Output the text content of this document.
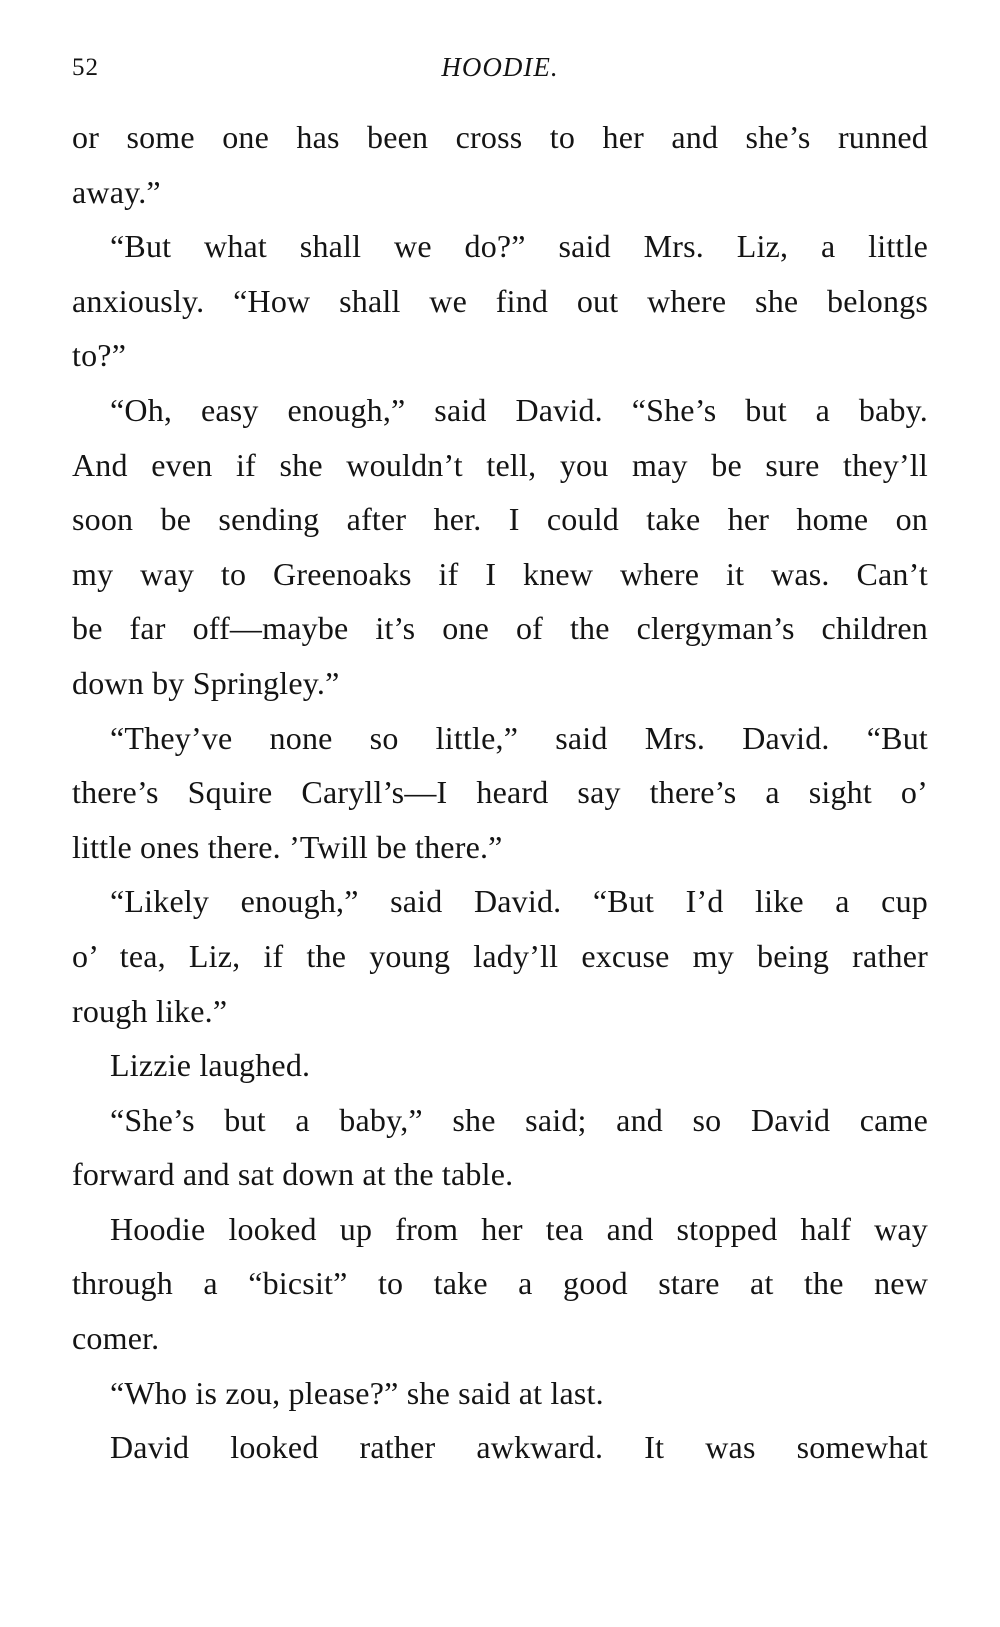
52	HOODIE.
or some one has been cross to her and she’s runned
away.”
“But what shall we do?” said Mrs. Liz, a little
anxiously. “How shall we find out where she belongs
to?”
“Oh, easy enough,” said David. “She’s but a baby.
And even if she wouldn’t tell, you may be sure they’ll
soon be sending after her. I could take her home on
my way to Greenoaks if I knew where it was. Can’t
be far off—maybe it’s one of the clergyman’s children
down by Springley.”
“They’ve none so little,” said Mrs. David. “But
there’s Squire Caryll’s—I heard say there’s a sight o’
little ones there. ’Twill be there.”
“Likely enough,” said David. “But I’d like a cup
o’ tea, Liz, if the young lady’ll excuse my being rather
rough like.”
Lizzie laughed.
“She’s but a baby,” she said; and so David came
forward and sat down at the table.
Hoodie looked up from her tea and stopped half way
through a “bicsit” to take a good stare at the new
comer.
“Who is zou, please?” she said at last.
David looked rather awkward. It was somewhat
